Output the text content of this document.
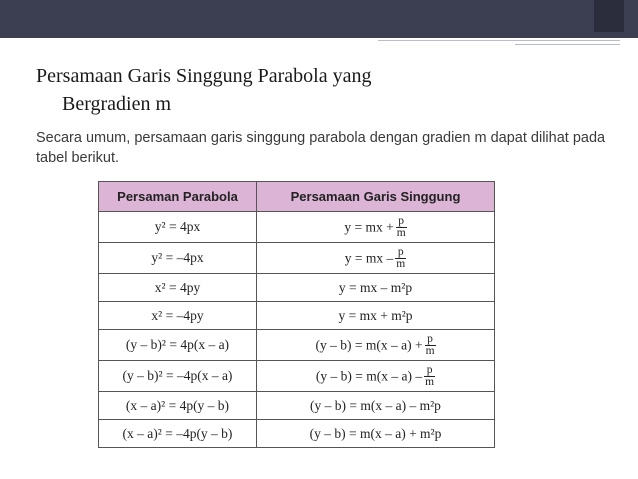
Persamaan Garis Singgung Parabola yang
Bergradien m
Secara umum, persamaan garis singgung parabola dengan gradien m dapat dilihat pada tabel berikut.
Persaman Parabola	Persamaan Garis Singgung
y² = 4px	y = mx + $\frac{p}{m}$

y² = –4px	y = mx – $\frac{p}{m}$

x² = 4py	y = mx – m²p
x² = –4py	y = mx + m²p
(y – b)² = 4p(x – a)	$(y - b) = m(x - a) + \frac{p}{m}$

(y – b)² = –4p(x – a)	$(y - b) = m(x - a) - \frac{p}{m}$

(x – a)² = 4p(y – b)	(y – b) = m(x – a) – m²p
(x – a)² = –4p(y – b)	(y – b) = m(x – a) + m²p
